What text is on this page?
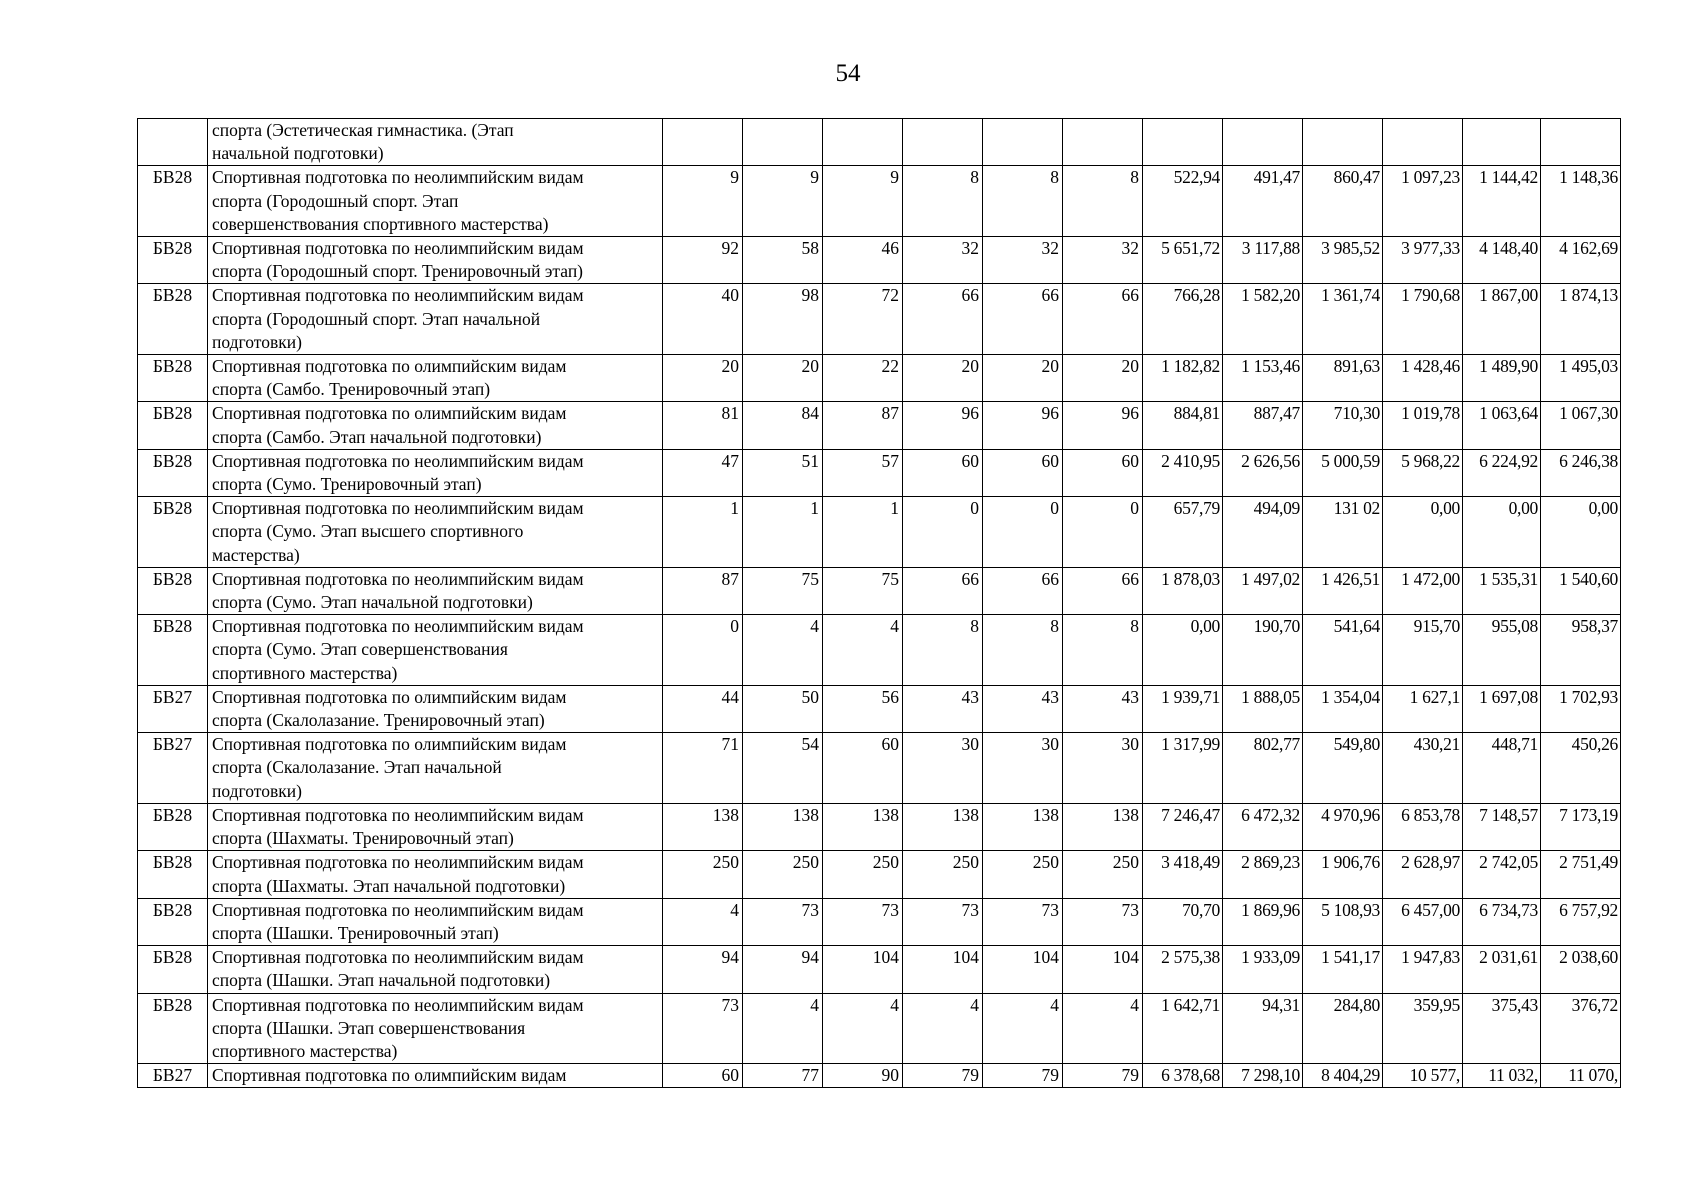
54

	спорта (Эстетическая гимнастика. (Этап
начальной подготовки)												

БВ28	Спортивная подготовка по неолимпийским видам
спорта (Городошный спорт. Этап
совершенствования спортивного мастерства)	9	9	9	8	8	8	522,94	491,47	860,47	1 097,23	1 144,42	1 148,36
БВ28	Спортивная подготовка по неолимпийским видам
спорта (Городошный спорт. Тренировочный этап)	92	58	46	32	32	32	5 651,72	3 117,88	3 985,52	3 977,33	4 148,40	4 162,69
БВ28	Спортивная подготовка по неолимпийским видам
спорта (Городошный спорт. Этап начальной
подготовки)	40	98	72	66	66	66	766,28	1 582,20	1 361,74	1 790,68	1 867,00	1 874,13
БВ28	Спортивная подготовка по олимпийским видам
спорта (Самбо. Тренировочный этап)	20	20	22	20	20	20	1 182,82	1 153,46	891,63	1 428,46	1 489,90	1 495,03
БВ28	Спортивная подготовка по олимпийским видам
спорта (Самбо. Этап начальной подготовки)	81	84	87	96	96	96	884,81	887,47	710,30	1 019,78	1 063,64	1 067,30
БВ28	Спортивная подготовка по неолимпийским видам
спорта (Сумо. Тренировочный этап)	47	51	57	60	60	60	2 410,95	2 626,56	5 000,59	5 968,22	6 224,92	6 246,38
БВ28	Спортивная подготовка по неолимпийским видам
спорта (Сумо. Этап высшего спортивного
мастерства)	1	1	1	0	0	0	657,79	494,09	131 02	0,00	0,00	0,00
БВ28	Спортивная подготовка по неолимпийским видам
спорта (Сумо. Этап начальной подготовки)	87	75	75	66	66	66	1 878,03	1 497,02	1 426,51	1 472,00	1 535,31	1 540,60
БВ28	Спортивная подготовка по неолимпийским видам
спорта (Сумо. Этап совершенствования
спортивного мастерства)	0	4	4	8	8	8	0,00	190,70	541,64	915,70	955,08	958,37
БВ27	Спортивная подготовка по олимпийским видам
спорта (Скалолазание. Тренировочный этап)	44	50	56	43	43	43	1 939,71	1 888,05	1 354,04	1 627,1	1 697,08	1 702,93
БВ27	Спортивная подготовка по олимпийским видам
спорта (Скалолазание. Этап начальной
подготовки)	71	54	60	30	30	30	1 317,99	802,77	549,80	430,21	448,71	450,26
БВ28	Спортивная подготовка по неолимпийским видам
спорта (Шахматы. Тренировочный этап)	138	138	138	138	138	138	7 246,47	6 472,32	4 970,96	6 853,78	7 148,57	7 173,19
БВ28	Спортивная подготовка по неолимпийским видам
спорта (Шахматы. Этап начальной подготовки)	250	250	250	250	250	250	3 418,49	2 869,23	1 906,76	2 628,97	2 742,05	2 751,49
БВ28	Спортивная подготовка по неолимпийским видам
спорта (Шашки. Тренировочный этап)	4	73	73	73	73	73	70,70	1 869,96	5 108,93	6 457,00	6 734,73	6 757,92
БВ28	Спортивная подготовка по неолимпийским видам
спорта (Шашки. Этап начальной подготовки)	94	94	104	104	104	104	2 575,38	1 933,09	1 541,17	1 947,83	2 031,61	2 038,60
БВ28	Спортивная подготовка по неолимпийским видам
спорта (Шашки. Этап совершенствования
спортивного мастерства)	73	4	4	4	4	4	1 642,71	94,31	284,80	359,95	375,43	376,72
БВ27	Спортивная подготовка по олимпийским видам	60	77	90	79	79	79	6 378,68	7 298,10	8 404,29	10 577,	11 032,	11 070,
